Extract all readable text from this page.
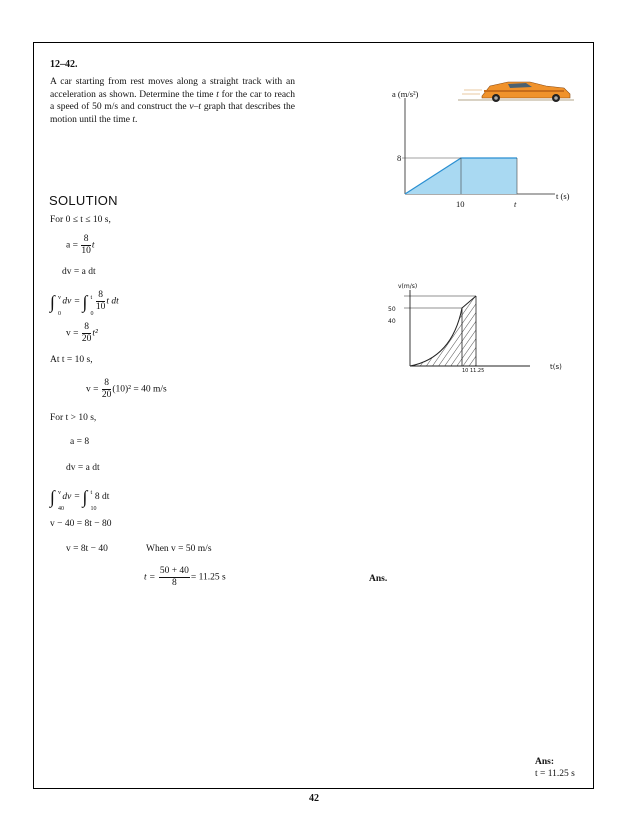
12–42.
A car starting from rest moves along a straight track with an acceleration as shown. Determine the time t for the car to reach a speed of 50 m/s and construct the v–t graph that describes the motion until the time t.
a (m/s²)
8
t (s)
10	t
v(m/s)
50
40
10 11.25	t(s)
SOLUTION
For 0 ≤ t ≤ 10 s,
$a = \frac{8}{10}$ t
dv = a dt
∫ v
0
dv = ∫ t
0

$\frac{8}{10}$ t dt
$v = \frac{8}{20} t^2$
At t = 10 s,
$v = \frac{8}{20} (10)^2 = 40$ m/s
For t > 10 s,
a = 8
dv = a dt
∫ v
40
dv = ∫ t
10
8 dt
v − 40 = 8t − 80
v = 8t − 40	When v = 50 m/s
$t = \frac{50 + 40}{8} = 11.25$ s	Ans.
Ans:
t = 11.25 s
42
